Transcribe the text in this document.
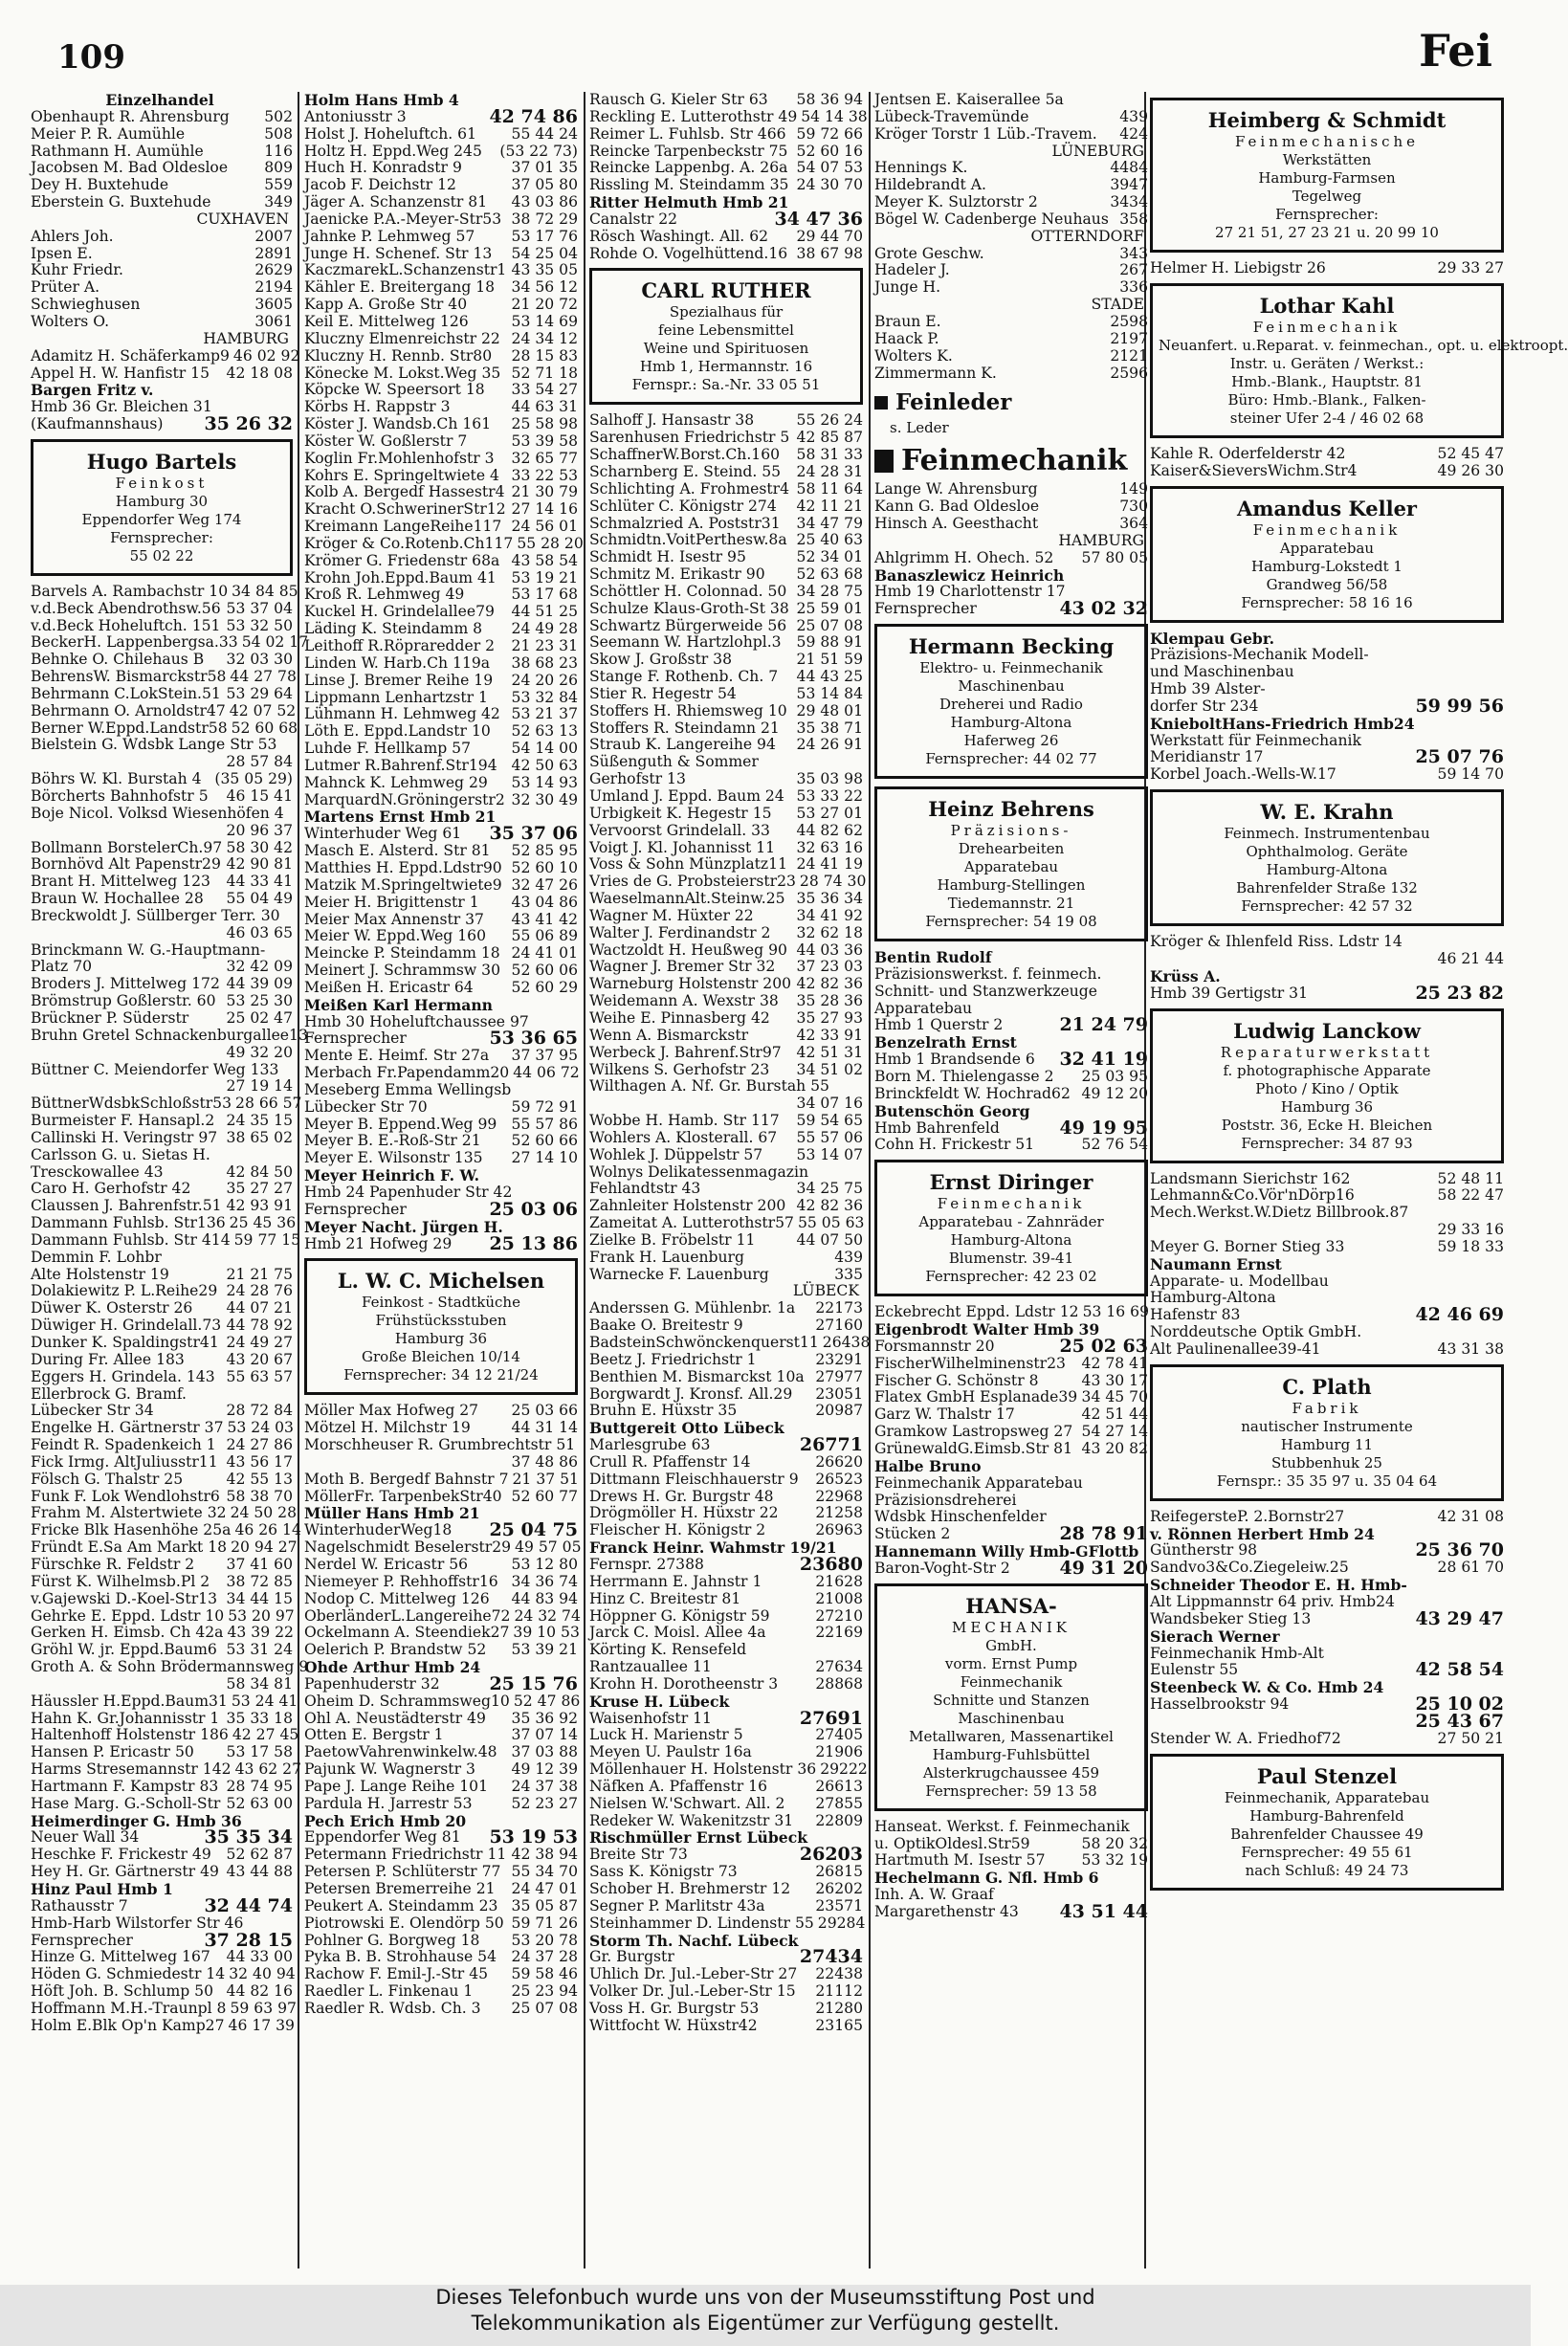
109	Fei
Einzelhandel
Obenhaupt R. Ahrensburg 502
Meier P. R. Aumühle	508
Rathmann H. Aumühle	116
Jacobsen M. Bad Oldesloe 809
Dey H. Buxtehude	559
Eberstein G. Buxtehude	349
CUXHAVEN
Ahlers Joh.	2007
Ipsen E.	2891
Kuhr Friedr.	2629
Prüter A.	2194
Schwieghusen	3605
Wolters O.	3061
HAMBURG
Adamitz H. Schäferkamp9 46 02 92
Appel H. W. Hanfistr 15 42 18 08
Bargen Fritz v.
Hmb 36 Gr. Bleichen 31
(Kaufmannshaus) 35 26 32
Hugo Bartels
Feinkost
Hamburg 30
Eppendorfer Weg 174
Fernsprecher:
55 02 22
Barvels A. Rambachstr 10 34 84 85
v.d.Beck Abendrothsw.56 53 37 04
v.d.Beck Hoheluftch. 151 53 32 50
BeckerH. Lappenbergsa.33 54 02 17
Behnke O. Chilehaus B 32 03 30
BehrensW. Bismarckstr58 44 27 78
Behrmann C.LokStein.51 53 29 64
Behrmann O. Arnoldstr47 42 07 52
Berner W.Eppd.Landstr58 52 60 68
Bielstein G. Wdsbk Lange Str 53
28 57 84
Böhrs W. Kl. Burstah 4 (35 05 29)
Börcherts Bahnhofstr 5 46 15 41
Boje Nicol. Volksd Wiesenhöfen 4
20 96 37
Bollmann BorstelerCh.97 58 30 42
Bornhövd Alt Papenstr29 42 90 81
Brant H. Mittelweg 123 44 33 41
Braun W. Hochallee 28 55 04 49
Breckwoldt J. Süllberger Terr. 30
46 03 65
Brinckmann W. G.-Hauptmann-
Platz 70	32 42 09
Broders J. Mittelweg 172 44 39 09
Brömstrup Goßlerstr. 60 53 25 30
Brückner P. Süderstr	25 02 47
Bruhn Gretel Schnackenburgallee13
49 32 20
Büttner C. Meiendorfer Weg 133
27 19 14
BüttnerWdsbkSchloßstr53 28 66 57
Burmeister F. Hansapl.2 24 35 15
Callinski H. Veringstr 97 38 65 02
Carlsson G. u. Sietas H.
Tresckowallee 43	42 84 50
Caro H. Gerhofstr 42 35 27 27
Claussen J. Bahrenfstr.51 42 93 91
Dammann Fuhlsb. Str136 25 45 36
Dammann Fuhlsb. Str 414 59 77 15
Demmin F. Lohbr
Alte Holstenstr 19	21 21 75
Dolakiewitz P. L.Reihe29 24 28 76
Düwer K. Osterstr 26 44 07 21
Düwiger H. Grindelall.73 44 78 92
Dunker K. Spaldingstr41 24 49 27
During Fr. Allee 183	43 20 67
Eggers H. Grindela. 143 55 63 57
Ellerbrock G. Bramf.
Lübecker Str 34	28 72 84
Engelke H. Gärtnerstr 37 53 24 03
Feindt R. Spadenkeich 1 24 27 86
Fick Irmg. AltJuliusstr11 43 56 17
Fölsch G. Thalstr 25	42 55 13
Funk F. Lok Wendlohstr6 58 38 70
Frahm M. Alstertwiete 32 24 50 28
Fricke Blk Hasenhöhe 25a 46 26 14
Fründt E.Sa Am Markt 18 20 94 27
Fürschke R. Feldstr 2 37 41 60
Fürst K. Wilhelmsb.Pl 2 38 72 85
v.Gajewski D.-Koel-Str13 34 44 15
Gehrke E. Eppd. Ldstr 10 53 20 97
Gerken H. Eimsb. Ch 42a 43 39 22
Gröhl W. jr. Eppd.Baum6 53 31 24
Groth A. & Sohn Brödermannsweg 9
58 34 81
Häussler H.Eppd.Baum31 53 24 41
Hahn K. Gr.Johannisstr 1 35 33 18
Haltenhoff Holstenstr 186 42 27 45
Hansen P. Ericastr 50 53 17 58
Harms Stresemannstr 142 43 62 27
Hartmann F. Kampstr 83 28 74 95
Hase Marg. G.-Scholl-Str 52 63 00
Heimerdinger G. Hmb 36
Neuer Wall 34	35 35 34
Heschke F. Frickestr 49 52 62 87
Hey H. Gr. Gärtnerstr 49 43 44 88
Hinz Paul Hmb 1
Rathausstr 7	32 44 74
Hmb-Harb Wilstorfer Str 46
Fernsprecher	37 28 15
Hinze G. Mittelweg 167 44 33 00
Höden G. Schmiedestr 14 32 40 94
Höft Joh. B. Schlump 50 44 82 16
Hoffmann M.H.-Traunpl 8 59 63 97
Holm E.Blk Op'n Kamp27 46 17 39
Holm Hans Hmb 4
Antoniusstr 3	42 74 86
Holst J. Hoheluftch. 61 55 44 24
Holtz H. Eppd.Weg 245 (53 22 73)
Huch H. Konradstr 9	37 01 35
Jacob F. Deichstr 12	37 05 80
Jäger A. Schanzenstr 81 43 03 86
Jaenicke P.A.-Meyer-Str53 38 72 29
Jahnke P. Lehmweg 57 53 17 76
Junge H. Schenef. Str 13 54 25 04
KaczmarekL.Schanzenstr1 43 35 05
Kähler E. Breitergang 18 34 56 12
Kapp A. Große Str 40	21 20 72
Keil E. Mittelweg 126	53 14 69
Kluczny Elmenreichstr 22 24 34 12
Kluczny H. Rennb. Str80 28 15 83
Könecke M. Lokst.Weg 35 52 71 18
Köpcke W. Speersort 18 33 54 27
Körbs H. Rappstr 3	44 63 31
Köster J. Wandsb.Ch 161 25 58 98
Köster W. Goßlerstr 7	53 39 58
Koglin Fr.Mohlenhofstr 3 32 65 77
Kohrs E. Springeltwiete 4 33 22 53
Kolb A. Bergedf Hassestr4 21 30 79
Kracht O.SchwerinerStr12 27 14 16
Kreimann LangeReihe117 24 56 01
Kröger & Co.Rotenb.Ch117 55 28 20
Krömer G. Friedenstr 68a 43 58 54
Krohn Joh.Eppd.Baum 41 53 19 21
Kroß R. Lehmweg 49	53 17 68
Kuckel H. Grindelallee79 44 51 25
Läding K. Steindamm 8 24 49 28
Leithoff R.Röpraredder 2 21 23 31
Linden W. Harb.Ch 119a 38 68 23
Linse J. Bremer Reihe 19 24 20 26
Lippmann Lenhartzstr 1 53 32 84
Lühmann H. Lehmweg 42 53 21 37
Löth E. Eppd.Landstr 10 52 63 13
Luhde F. Hellkamp 57	54 14 00
Lutmer R.Bahrenf.Str194 42 50 63
Mahnck K. Lehmweg 29 53 14 93
MarquardN.Gröningerstr2 32 30 49
Martens Ernst Hmb 21
Winterhuder Weg 61 35 37 06
Masch E. Alsterd. Str 81 52 85 95
Matthies H. Eppd.Ldstr90 52 60 10
Matzik M.Springeltwiete9 32 47 26
Meier H. Brigittenstr 1 43 04 86
Meier Max Annenstr 37 43 41 42
Meier W. Eppd.Weg 160 55 06 89
Meincke P. Steindamm 18 24 41 01
Meinert J. Schrammsw 30 52 60 06
Meißen H. Ericastr 64	52 60 29
Meißen Karl Hermann
Hmb 30 Hoheluftchaussee 97
Fernsprecher	53 36 65
Mente E. Heimf. Str 27a 37 37 95
Merbach Fr.Papendamm20 44 06 72
Meseberg Emma Wellingsb
Lübecker Str 70	59 72 91
Meyer B. Eppend.Weg 99 55 57 86
Meyer B. E.-Roß-Str 21 52 60 66
Meyer E. Wilsonstr 135 27 14 10
Meyer Heinrich F. W.
Hmb 24 Papenhuder Str 42
Fernsprecher	25 03 06
Meyer Nacht. Jürgen H.
Hmb 21 Hofweg 29 25 13 86
L. W. C. Michelsen
Feinkost - Stadtküche
Frühstücksstuben
Hamburg 36
Große Bleichen 10/14
Fernsprecher: 34 12 21/24
Möller Max Hofweg 27 25 03 66
Mötzel H. Milchstr 19	44 31 14
Morschheuser R. Grumbrechtstr 51
37 48 86
Moth B. Bergedf Bahnstr 7 21 37 51
MöllerFr. TarpenbekStr40 52 60 77
Müller Hans Hmb 21
WinterhuderWeg18 25 04 75
Nagelschmidt Beselerstr29 49 57 05
Nerdel W. Ericastr 56	53 12 80
Niemeyer P. Rehhoffstr16 34 36 74
Nodop C. Mittelweg 126 44 83 94
OberländerL.Langereihe72 24 32 74
Ockelmann A. Steendiek27 39 10 53
Oelerich P. Brandstw 52 53 39 21
Ohde Arthur Hmb 24
Papenhuderstr 32	25 15 76
Oheim D. Schrammsweg10 52 47 86
Ohl A. Neustädterstr 49 35 36 92
Otten E. Bergstr 1	37 07 14
PaetowVahrenwinkelw.48 37 03 88
Pajunk W. Wagnerstr 3 49 12 39
Pape J. Lange Reihe 101 24 37 38
Pardula H. Jarrestr 53	52 23 27
Pech Erich Hmb 20
Eppendorfer Weg 81 53 19 53
Petermann Friedrichstr 11 42 38 94
Petersen P. Schlüterstr 77 55 34 70
Petersen Bremerreihe 21 24 47 01
Peukert A. Steindamm 23 35 05 87
Piotrowski E. Olendörp 50 59 71 26
Pohlner G. Borgweg 18 53 20 78
Pyka B. B. Strohhause 54 24 37 28
Rachow F. Emil-J.-Str 45 59 58 46
Raedler L. Finkenau 1	25 23 94
Raedler R. Wdsb. Ch. 3 25 07 08
Rausch G. Kieler Str 63 58 36 94
Reckling E. Lutterothstr 49 54 14 38
Reimer L. Fuhlsb. Str 466 59 72 66
Reincke Tarpenbeckstr 75 52 60 16
Reincke Lappenbg. A. 26a 54 07 53
Rissling M. Steindamm 35 24 30 70
Ritter Helmuth Hmb 21
Canalstr 22	34 47 36
Rösch Washingt. All. 62 29 44 70
Rohde O. Vogelhüttend.16 38 67 98
CARL RUTHER
Spezialhaus für
feine Lebensmittel
Weine und Spirituosen
Hmb 1, Hermannstr. 16
Fernspr.: Sa.-Nr. 33 05 51
Salhoff J. Hansastr 38	55 26 24
Sarenhusen Friedrichstr 5 42 85 87
SchaffnerW.Borst.Ch.160 58 31 33
Scharnberg E. Steind. 55 24 28 31
Schlichting A. Frohmestr4 58 11 64
Schlüter C. Königstr 274 42 11 21
Schmalzried A. Poststr31 34 47 79
Schmidtn.VoitPerthesw.8a 25 40 63
Schmidt H. Isestr 95	52 34 01
Schmitz M. Erikastr 90 52 63 68
Schöttler H. Colonnad. 50 34 28 75
Schulze Klaus-Groth-St 38 25 59 01
Schwartz Bürgerweide 56 25 07 08
Seemann W. Hartzlohpl.3 59 88 91
Skow J. Großstr 38	21 51 59
Stange F. Rothenb. Ch. 7 44 43 25
Stier R. Hegestr 54	53 14 84
Stoffers H. Rhiemsweg 10 29 48 01
Stoffers R. Steindamn 21 35 38 71
Straub K. Langereihe 94 24 26 91
Süßenguth & Sommer
Gerhofstr 13	35 03 98
Umland J. Eppd. Baum 24 53 33 22
Urbigkeit K. Hegestr 15 53 27 01
Vervoorst Grindelall. 33 44 82 62
Voigt J. Kl. Johannisst 11 32 63 16
Voss & Sohn Münzplatz11 24 41 19
Vries de G. Probsteierstr23 28 74 30
WaeselmannAlt.Steinw.25 35 36 34
Wagner M. Hüxter 22	34 41 92
Walter J. Ferdinandstr 2 32 62 18
Wactzoldt H. Heußweg 90 44 03 36
Wagner J. Bremer Str 32 37 23 03
Warneburg Holstenstr 200 42 82 36
Weidemann A. Wexstr 38 35 28 36
Weihe E. Pinnasberg 42 35 27 93
Wenn A. Bismarckstr	42 33 91
Werbeck J. Bahrenf.Str97 42 51 31
Wilkens S. Gerhofstr 23 34 51 02
Wilthagen A. Nf. Gr. Burstah 55
34 07 16
Wobbe H. Hamb. Str 117 59 54 65
Wohlers A. Klosterall. 67 55 57 06
Wohlek J. Düppelstr 57 53 14 07
Wolnys Delikatessenmagazin
Fehlandtstr 43	34 25 75
Zahnleiter Holstenstr 200 42 82 36
Zameitat A. Lutterothstr57 55 05 63
Zielke B. Fröbelstr 11	44 07 50
Frank H. Lauenburg	439
Warnecke F. Lauenburg	335
LÜBECK
Anderssen G. Mühlenbr. 1a 22173
Baake O. Breitestr 9	27160
BadsteinSchwönckenquerst11 26438
Beetz J. Friedrichstr 1	23291
Benthien M. Bismarckst 10a 27977
Borgwardt J. Kronsf. All.29 23051
Bruhn E. Hüxstr 35	20987
Buttgereit Otto Lübeck
Marlesgrube 63	26771
Crull R. Pfaffenstr 14	26620
Dittmann Fleischhauerstr 9 26523
Drews H. Gr. Burgstr 48	22968
Drögmöller H. Hüxstr 22 21258
Fleischer H. Königstr 2	26963
Franck Heinr. Wahmstr 19/21
Fernspr. 27388	23680
Herrmann E. Jahnstr 1	21628
Hinz C. Breitestr 81	21008
Höppner G. Königstr 59	27210
Jarck C. Moisl. Allee 4a	22169
Körting K. Rensefeld
Rantzauallee 11	27634
Krohn H. Dorotheenstr 3	28868
Kruse H. Lübeck
Waisenhofstr 11	27691
Luck H. Marienstr 5	27405
Meyen U. Paulstr 16a	21906
Möllenhauer H. Holstenstr 36 29222
Näfken A. Pfaffenstr 16	26613
Nielsen W.'Schwart. All. 2 27855
Redeker W. Wakenitzstr 31 22809
Rischmüller Ernst Lübeck
Breite Str 73	26203
Sass K. Königstr 73	26815
Schober H. Brehmerstr 12 26202
Segner P. Marlitstr 43a	23571
Steinhammer D. Lindenstr 55 29284
Storm Th. Nachf. Lübeck
Gr. Burgstr	27434
Uhlich Dr. Jul.-Leber-Str 27 22438
Volker Dr. Jul.-Leber-Str 15 21112
Voss H. Gr. Burgstr 53	21280
Wittfocht W. Hüxstr42	23165
Jentsen E. Kaiserallee 5a
Lübeck-Travemünde	439
Kröger Torstr 1 Lüb.-Travem. 424
LÜNEBURG
Hennings K.	4484
Hildebrandt A.	3947
Meyer K. Sulztorstr 2	3434
Bögel W. Cadenberge Neuhaus 358
OTTERNDORF
Grote Geschw.	343
Hadeler J.	267
Junge H.	336
STADE
Braun E.	2598
Haack P.	2197
Wolters K.	2121
Zimmermann K.	2596
Feinleder
s. Leder
Feinmechanik
Lange W. Ahrensburg	149
Kann G. Bad Oldesloe	730
Hinsch A. Geesthacht	364
HAMBURG
Ahlgrimm H. Ohech. 52 57 80 05
Banaszlewicz Heinrich
Hmb 19 Charlottenstr 17
Fernsprecher	43 02 32
Hermann Becking
Elektro- u. Feinmechanik
Maschinenbau
Dreherei und Radio
Hamburg-Altona
Haferweg 26
Fernsprecher: 44 02 77
Heinz Behrens
Präzisions-
Drehearbeiten
Apparatebau
Hamburg-Stellingen
Tiedemannstr. 21
Fernsprecher: 54 19 08
Bentin Rudolf
Präzisionswerkst. f. feinmech.
Schnitt- und Stanzwerkzeuge
Apparatebau
Hmb 1 Querstr 2	21 24 79
Benzelrath Ernst
Hmb 1 Brandsende 6 32 41 19
Born M. Thielengasse 2 25 03 95
Brinckfeldt W. Hochrad62 49 12 20
Butenschön Georg
Hmb Bahrenfeld	49 19 95
Cohn H. Frickestr 51	52 76 54
Ernst Diringer
Feinmechanik
Apparatebau - Zahnräder
Hamburg-Altona
Blumenstr. 39-41
Fernsprecher: 42 23 02
Eckebrecht Eppd. Ldstr 12 53 16 69
Eigenbrodt Walter Hmb 39
Forsmannstr 20	25 02 63
FischerWilhelminenstr23 42 78 41
Fischer G. Schönstr 8	43 30 17
Flatex GmbH Esplanade39 34 45 70
Garz W. Thalstr 17	42 51 44
Gramkow Lastropsweg 27 54 27 14
GrünewaldG.Eimsb.Str 81 43 20 82
Halbe Bruno
Feinmechanik Apparatebau
Präzisionsdreherei
Wdsbk Hinschenfelder
Stücken 2	28 78 91
Hannemann Willy Hmb-GFlottb
Baron-Voght-Str 2	49 31 20
HANSA-
MECHANIK
GmbH.
vorm. Ernst Pump
Feinmechanik
Schnitte und Stanzen
Maschinenbau
Metallwaren, Massenartikel
Hamburg-Fuhlsbüttel
Alsterkrugchaussee 459
Fernsprecher: 59 13 58
Hanseat. Werkst. f. Feinmechanik
u. OptikOldesl.Str59	58 20 32
Hartmuth M. Isestr 57 53 32 19
Hechelmann G. Nfl. Hmb 6
Inh. A. W. Graaf
Margarethenstr 43 43 51 44
Heimberg & Schmidt
Feinmechanische
Werkstätten
Hamburg-Farmsen
Tegelweg
Fernsprecher:
27 21 51, 27 23 21 u. 20 99 10
Helmer H. Liebigstr 26	29 33 27
Lothar Kahl
Feinmechanik
Neuanfert. u.Reparat. v. feinmechan., opt. u. elektroopt.
Instr. u. Geräten / Werkst.:
Hmb.-Blank., Hauptstr. 81
Büro: Hmb.-Blank., Falken-
steiner Ufer 2-4 / 46 02 68
Kahle R. Oderfelderstr 42	52 45 47
Kaiser&SieversWichm.Str4	49 26 30
Amandus Keller
Feinmechanik
Apparatebau
Hamburg-Lokstedt 1
Grandweg 56/58
Fernsprecher: 58 16 16
Klempau Gebr.
Präzisions-Mechanik Modell-
und Maschinenbau
Hmb 39 Alster-
dorfer Str 234	59 99 56
KnieboltHans-Friedrich Hmb24
Werkstatt für Feinmechanik
Meridianstr 17	25 07 76
Korbel Joach.-Wells-W.17	59 14 70
W. E. Krahn
Feinmech. Instrumentenbau
Ophthalmolog. Geräte
Hamburg-Altona
Bahrenfelder Straße 132
Fernsprecher: 42 57 32
Kröger & Ihlenfeld Riss. Ldstr 14
46 21 44
Krüss A.
Hmb 39 Gertigstr 31	25 23 82
Ludwig Lanckow
Reparaturwerkstatt
f. photographische Apparate
Photo / Kino / Optik
Hamburg 36
Poststr. 36, Ecke H. Bleichen
Fernsprecher: 34 87 93
Landsmann Sierichstr 162	52 48 11
Lehmann&Co.Vör'nDörp16	58 22 47
Mech.Werkst.W.Dietz Billbrook.87
29 33 16
Meyer G. Borner Stieg 33	59 18 33
Naumann Ernst
Apparate- u. Modellbau
Hamburg-Altona
Hafenstr 83	42 46 69
Norddeutsche Optik GmbH.
Alt Paulinenallee39-41	43 31 38
C. Plath
Fabrik
nautischer Instrumente
Hamburg 11
Stubbenhuk 25
Fernspr.: 35 35 97 u. 35 04 64
ReifegersteP. 2.Bornstr27	42 31 08
v. Rönnen Herbert Hmb 24
Güntherstr 98	25 36 70
Sandvo3&Co.Ziegeleiw.25	28 61 70
Schneider Theodor E. H. Hmb-
Alt Lippmannstr 64 priv. Hmb24
Wandsbeker Stieg 13	43 29 47
Sierach Werner
Feinmechanik Hmb-Alt
Eulenstr 55	42 58 54
Steenbeck W. & Co. Hmb 24
Hasselbrookstr 94	25 10 02
25 43 67
Stender W. A. Friedhof72	27 50 21
Paul Stenzel
Feinmechanik, Apparatebau
Hamburg-Bahrenfeld
Bahrenfelder Chaussee 49
Fernsprecher: 49 55 61
nach Schluß: 49 24 73
Dieses Telefonbuch wurde uns von der Museumsstiftung Post und
Telekommunikation als Eigentümer zur Verfügung gestellt.
